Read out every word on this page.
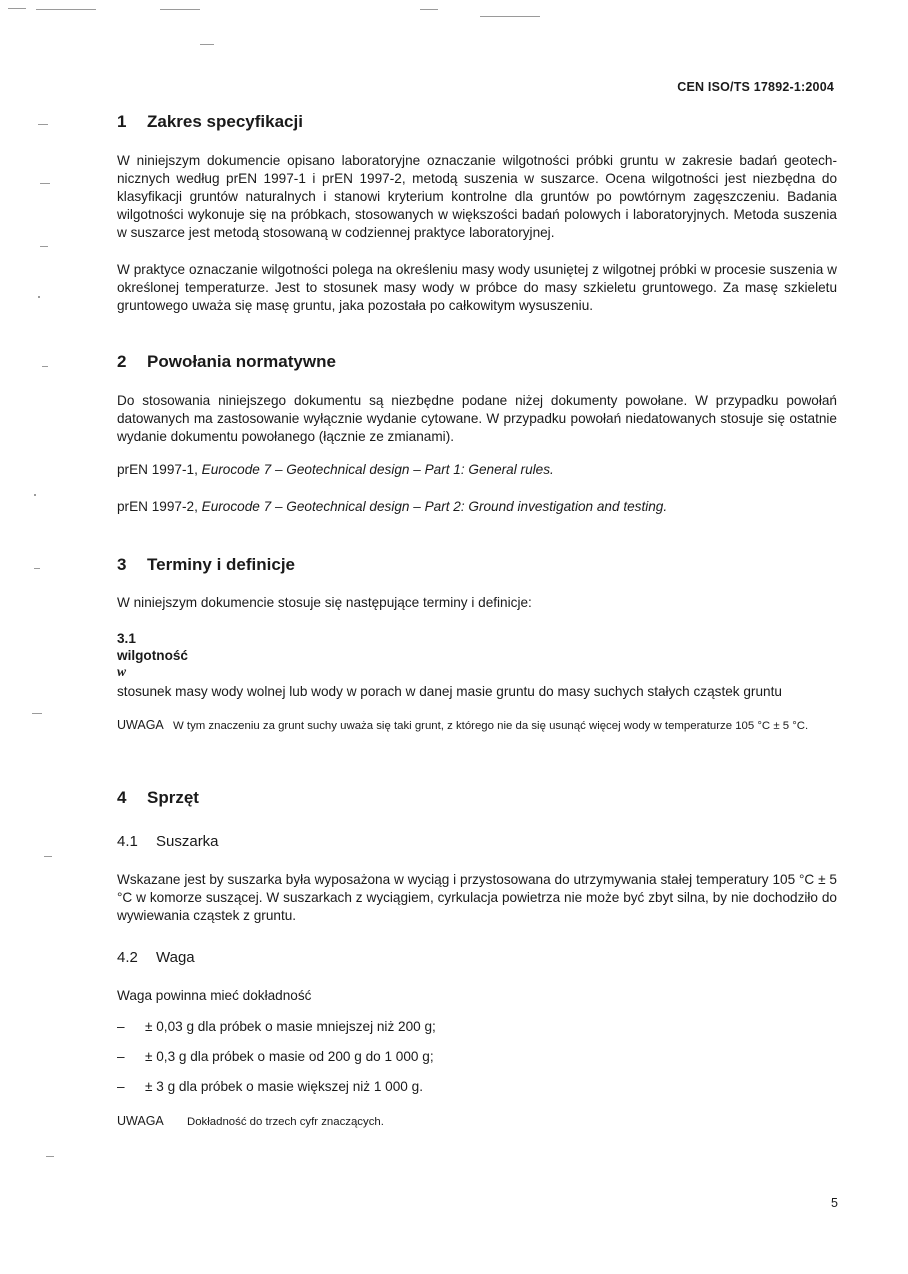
CEN ISO/TS 17892-1:2004
1 Zakres specyfikacji
W niniejszym dokumencie opisano laboratoryjne oznaczanie wilgotności próbki gruntu w zakresie badań geotech-nicznych według prEN 1997-1 i prEN 1997-2, metodą suszenia w suszarce. Ocena wilgotności jest niezbędna do klasyfikacji gruntów naturalnych i stanowi kryterium kontrolne dla gruntów po powtórnym zagęszczeniu. Badania wilgotności wykonuje się na próbkach, stosowanych w większości badań polowych i laboratoryjnych. Metoda suszenia w suszarce jest metodą stosowaną w codziennej praktyce laboratoryjnej.
W praktyce oznaczanie wilgotności polega na określeniu masy wody usuniętej z wilgotnej próbki w procesie suszenia w określonej temperaturze. Jest to stosunek masy wody w próbce do masy szkieletu gruntowego. Za masę szkieletu gruntowego uważa się masę gruntu, jaka pozostała po całkowitym wysuszeniu.
2 Powołania normatywne
Do stosowania niniejszego dokumentu są niezbędne podane niżej dokumenty powołane. W przypadku powołań datowanych ma zastosowanie wyłącznie wydanie cytowane. W przypadku powołań niedatowanych stosuje się ostatnie wydanie dokumentu powołanego (łącznie ze zmianami).
prEN 1997-1, Eurocode 7 – Geotechnical design – Part 1: General rules.
prEN 1997-2, Eurocode 7 – Geotechnical design – Part 2: Ground investigation and testing.
3 Terminy i definicje
W niniejszym dokumencie stosuje się następujące terminy i definicje:
3.1
wilgotność
w
stosunek masy wody wolnej lub wody w porach w danej masie gruntu do masy suchych stałych cząstek gruntu
UWAGA W tym znaczeniu za grunt suchy uważa się taki grunt, z którego nie da się usunąć więcej wody w temperaturze 105 °C ± 5 °C.
4 Sprzęt
4.1 Suszarka
Wskazane jest by suszarka była wyposażona w wyciąg i przystosowana do utrzymywania stałej temperatury 105 °C ± 5 °C w komorze suszącej. W suszarkach z wyciągiem, cyrkulacja powietrza nie może być zbyt silna, by nie dochodziło do wywiewania cząstek z gruntu.
4.2 Waga
Waga powinna mieć dokładność
– ± 0,03 g dla próbek o masie mniejszej niż 200 g;
– ± 0,3 g dla próbek o masie od 200 g do 1 000 g;
– ± 3 g dla próbek o masie większej niż 1 000 g.
UWAGA Dokładność do trzech cyfr znaczących.
5
